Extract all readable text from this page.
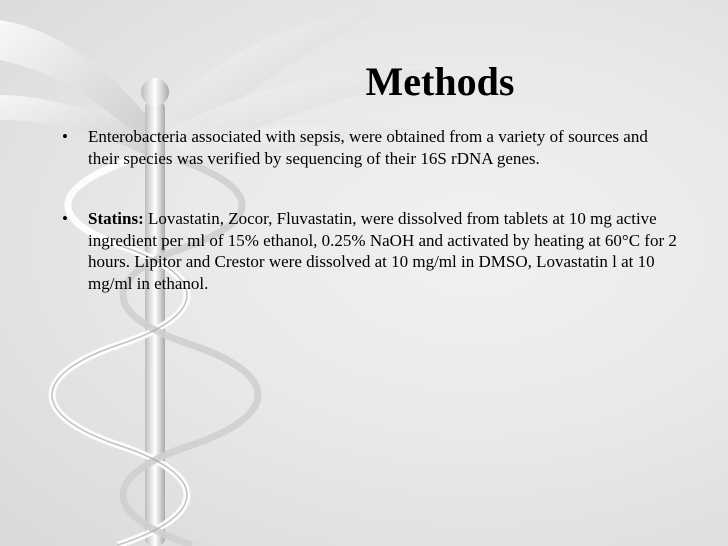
Methods
• Enterobacteria associated with sepsis, were obtained from a variety of sources and their species was verified by sequencing of their 16S rDNA genes.
• Statins: Lovastatin, Zocor, Fluvastatin, were dissolved from tablets at 10 mg active ingredient per ml of 15% ethanol, 0.25% NaOH and activated by heating at 60°C for 2 hours. Lipitor and Crestor were dissolved at 10 mg/ml in DMSO, Lovastatin l at 10 mg/ml in ethanol.
